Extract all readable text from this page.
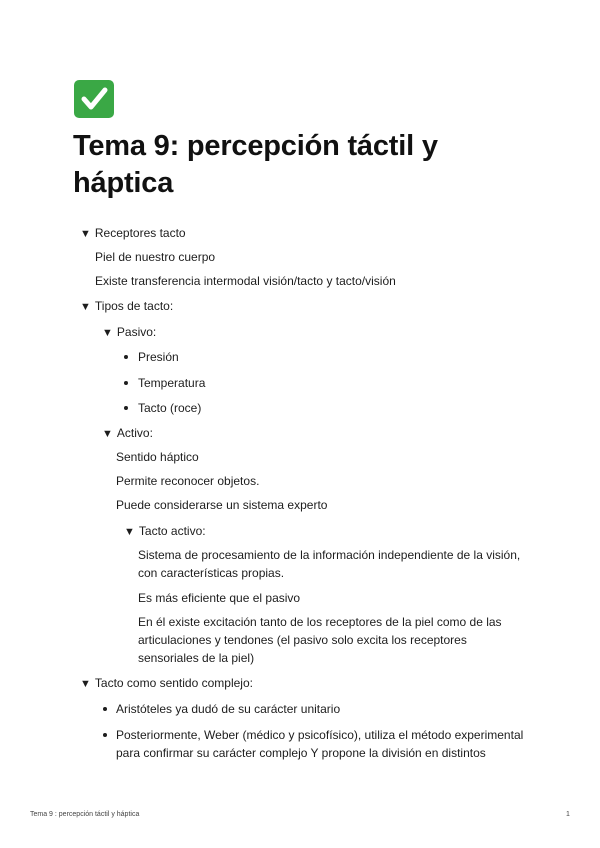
Tema 9: percepción táctil y háptica
▼ Receptores tacto
Piel de nuestro cuerpo
Existe transferencia intermodal visión/tacto y tacto/visión
▼ Tipos de tacto:
▼ Pasivo:
Presión
Temperatura
Tacto (roce)
▼ Activo:
Sentido háptico
Permite reconocer objetos.
Puede considerarse un sistema experto
▼ Tacto activo:
Sistema de procesamiento de la información independiente de la visión, con características propias.
Es más eficiente que el pasivo
En él existe excitación tanto de los receptores de la piel como de las articulaciones y tendones (el pasivo solo excita los receptores sensoriales de la piel)
▼ Tacto como sentido complejo:
Aristóteles ya dudó de su carácter unitario
Posteriormente, Weber (médico y psicofísico), utiliza el método experimental para confirmar su carácter complejo Y propone la división en distintos
Tema 9 : percepción táctil y háptica	1
